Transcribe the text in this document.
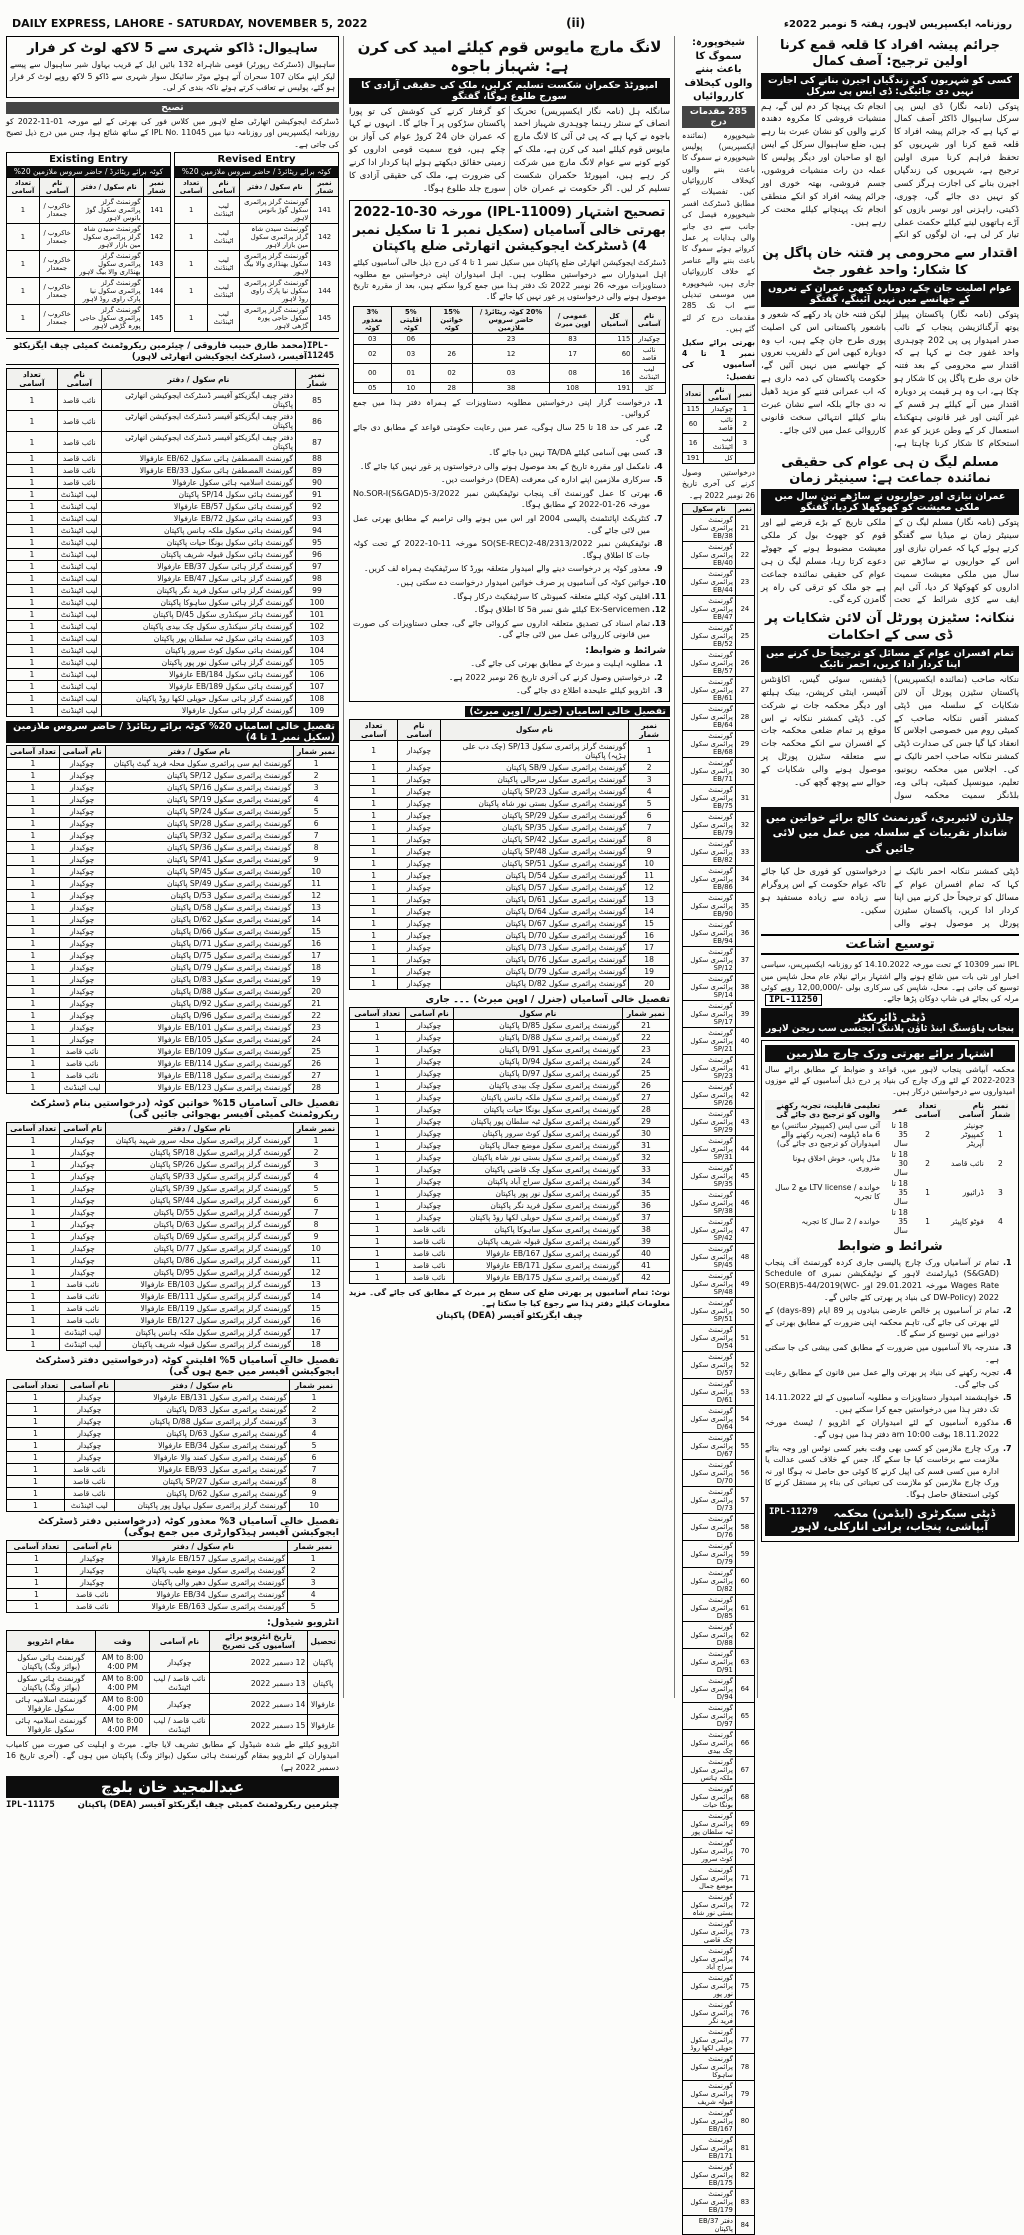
DAILY EXPRESS, LAHORE - SATURDAY, NOVEMBER 5, 2022	(ii)	روزنامہ ایکسپریس لاہور، ہفتہ 5 نومبر 2022ء
ساہیوال: ڈاکو شہری سے 5 لاکھ لوٹ کر فرار
ساہیوال (ڈسٹرکٹ رپورٹر) قومی شاہراہ 132 بائیں ایل کے قریب بہاول شیر ساہیوال سے پیسے لیکر اپنے مکان 107 سحران آتے ہوئے موٹر سائیکل سوار شہری سے ڈاکو 5 لاکھ روپے لوٹ کر فرار ہو گئے، پولیس نے تعاقب کرتے ہوئے ناکہ بندی کر لی۔
تصیح
ڈسٹرکٹ ایجوکیشن اتھارٹی ضلع لاہور میں کلاس فور کی بھرتی کے لیے مورخہ 01-11-2022 کو روزنامہ ایکسپریس اور روزنامہ دنیا میں IPL No. 11045 کے ساتھ شائع ہوا، جس میں درج ذیل تصیح کی جاتی ہے۔
Revised Entry
کوٹہ برائے ریٹائرڈ / حاضر سروس ملازمین 20%
نمبر شمار	نام سکول / دفتر	نام آسامی	تعداد آسامی
141	گورنمنٹ گرلز پرائمری سکول گوڑ بانوس لاہور	لیب اٹینڈنٹ	1
142	گورنمنٹ سیدن شاہ گرلز پرائمری سکول مین بازار لاہور	لیب اٹینڈنٹ	1
143	گورنمنٹ گرلز پرائمری سکول بھنڈاری والا بیگ لاہور	لیب اٹینڈنٹ	1
144	گورنمنٹ گرلز پرائمری سکول نیا پارک راوی روڈ لاہور	لیب اٹینڈنٹ	1
145	گورنمنٹ گرلز پرائمری سکول حاجی پورہ گڑھی لاہور	لیب اٹینڈنٹ	1
Existing Entry
کوٹہ برائے ریٹائرڈ / حاضر سروس ملازمین 20%
نمبر شمار	نام سکول / دفتر	نام آسامی	تعداد آسامی
141	گورنمنٹ گرلز پرائمری سکول گوڑ بانوس لاہور	خاکروب / جمعدار	1
142	گورنمنٹ سیدن شاہ گرلز پرائمری سکول مین بازار لاہور	خاکروب / جمعدار	1
143	گورنمنٹ گرلز پرائمری سکول بھنڈاری والا بیگ لاہور	خاکروب / جمعدار	1
144	گورنمنٹ گرلز پرائمری سکول نیا پارک راوی روڈ لاہور	خاکروب / جمعدار	1
145	گورنمنٹ گرلز پرائمری سکول حاجی پورہ گڑھی لاہور	خاکروب / جمعدار	1
IPL-11245
(محمد طارق حبیب فاروقی / چیئرمین ریکروٹمنٹ کمیٹی چیف ایگزیکٹو آفیسر، ڈسٹرکٹ ایجوکیشن اتھارٹی لاہور)
نمبر شمار	نام سکول / دفتر	نام آسامی	تعداد آسامی
85	دفتر چیف ایگزیکٹو آفیسر ڈسٹرکٹ ایجوکیشن اتھارٹی پاکپتان	نائب قاصد	1
86	دفتر چیف ایگزیکٹو آفیسر ڈسٹرکٹ ایجوکیشن اتھارٹی پاکپتان	نائب قاصد	1
87	دفتر چیف ایگزیکٹو آفیسر ڈسٹرکٹ ایجوکیشن اتھارٹی پاکپتان	نائب قاصد	1
88	گورنمنٹ المصطفیٰ ہائی سکول 62/EB عارفوالا	نائب قاصد	1
89	گورنمنٹ المصطفیٰ ہائی سکول 33/EB عارفوالا	نائب قاصد	1
90	گورنمنٹ اسلامیہ ہائی سکول عارفوالا	نائب قاصد	1
91	گورنمنٹ ہائی سکول 14/SP پاکپتان	لیب اٹینڈنٹ	1
92	گورنمنٹ ہائی سکول 57/EB عارفوالا	لیب اٹینڈنٹ	1
93	گورنمنٹ ہائی سکول 72/EB عارفوالا	لیب اٹینڈنٹ	1
94	گورنمنٹ ہائی سکول ملکہ ہانس پاکپتان	لیب اٹینڈنٹ	1
95	گورنمنٹ ہائی سکول بونگا حیات پاکپتان	لیب اٹینڈنٹ	1
96	گورنمنٹ ہائی سکول قبولہ شریف پاکپتان	لیب اٹینڈنٹ	1
97	گورنمنٹ گرلز ہائی سکول 37/EB عارفوالا	لیب اٹینڈنٹ	1
98	گورنمنٹ گرلز ہائی سکول 47/EB عارفوالا	لیب اٹینڈنٹ	1
99	گورنمنٹ گرلز ہائی سکول فرید نگر پاکپتان	لیب اٹینڈنٹ	1
100	گورنمنٹ گرلز ہائی سکول ساہوکا پاکپتان	لیب اٹینڈنٹ	1
101	گورنمنٹ ہائر سیکنڈری سکول 45/D پاکپتان	لیب اٹینڈنٹ	1
102	گورنمنٹ ہائر سیکنڈری سکول چک بیدی پاکپتان	لیب اٹینڈنٹ	1
103	گورنمنٹ ہائی سکول ٹبہ سلطان پور پاکپتان	لیب اٹینڈنٹ	1
104	گورنمنٹ ہائی سکول کوٹ سرور پاکپتان	لیب اٹینڈنٹ	1
105	گورنمنٹ گرلز ہائی سکول نور پور پاکپتان	لیب اٹینڈنٹ	1
106	گورنمنٹ ہائی سکول 184/EB عارفوالا	لیب اٹینڈنٹ	1
107	گورنمنٹ ہائی سکول 189/EB عارفوالا	لیب اٹینڈنٹ	1
108	گورنمنٹ گرلز ہائی سکول حویلی لکھا روڈ پاکپتان	لیب اٹینڈنٹ	1
109	گورنمنٹ گرلز ہائی سکول عارفوالا	لیب اٹینڈنٹ	1
تفصیل خالی آسامیاں 20% کوٹہ برائے ریٹائرڈ / حاضر سروس ملازمین (سکیل نمبر 1 تا 4)
نمبر شمار	نام سکول / دفتر	نام آسامی	تعداد آسامی
1	گورنمنٹ ایم سی پرائمری سکول محلہ فرید گیٹ پاکپتان	چوکیدار	1
2	گورنمنٹ پرائمری سکول 12/SP پاکپتان	چوکیدار	1
3	گورنمنٹ پرائمری سکول 16/SP پاکپتان	چوکیدار	1
4	گورنمنٹ پرائمری سکول 19/SP پاکپتان	چوکیدار	1
5	گورنمنٹ پرائمری سکول 24/SP پاکپتان	چوکیدار	1
6	گورنمنٹ پرائمری سکول 28/SP پاکپتان	چوکیدار	1
7	گورنمنٹ پرائمری سکول 32/SP پاکپتان	چوکیدار	1
8	گورنمنٹ پرائمری سکول 36/SP پاکپتان	چوکیدار	1
9	گورنمنٹ پرائمری سکول 41/SP پاکپتان	چوکیدار	1
10	گورنمنٹ پرائمری سکول 45/SP پاکپتان	چوکیدار	1
11	گورنمنٹ پرائمری سکول 49/SP پاکپتان	چوکیدار	1
12	گورنمنٹ پرائمری سکول 53/D پاکپتان	چوکیدار	1
13	گورنمنٹ پرائمری سکول 58/D پاکپتان	چوکیدار	1
14	گورنمنٹ پرائمری سکول 62/D پاکپتان	چوکیدار	1
15	گورنمنٹ پرائمری سکول 66/D پاکپتان	چوکیدار	1
16	گورنمنٹ پرائمری سکول 71/D پاکپتان	چوکیدار	1
17	گورنمنٹ پرائمری سکول 75/D پاکپتان	چوکیدار	1
18	گورنمنٹ پرائمری سکول 79/D پاکپتان	چوکیدار	1
19	گورنمنٹ پرائمری سکول 83/D پاکپتان	چوکیدار	1
20	گورنمنٹ پرائمری سکول 88/D پاکپتان	چوکیدار	1
21	گورنمنٹ پرائمری سکول 92/D پاکپتان	چوکیدار	1
22	گورنمنٹ پرائمری سکول 96/D پاکپتان	چوکیدار	1
23	گورنمنٹ پرائمری سکول 101/EB عارفوالا	چوکیدار	1
24	گورنمنٹ پرائمری سکول 105/EB عارفوالا	چوکیدار	1
25	گورنمنٹ پرائمری سکول 109/EB عارفوالا	نائب قاصد	1
26	گورنمنٹ پرائمری سکول 114/EB عارفوالا	نائب قاصد	1
27	گورنمنٹ پرائمری سکول 118/EB عارفوالا	نائب قاصد	1
28	گورنمنٹ پرائمری سکول 123/EB عارفوالا	لیب اٹینڈنٹ	1
تفصیل خالی آسامیاں 15% خواتین کوٹہ (درخواستیں بنام ڈسٹرکٹ ریکروٹمنٹ کمیٹی آفیسر بھجوائی جائیں گی)
نمبر شمار	نام سکول / دفتر	نام آسامی	تعداد آسامی
1	گورنمنٹ گرلز پرائمری سکول محلہ سرور شہید پاکپتان	چوکیدار	1
2	گورنمنٹ گرلز پرائمری سکول 18/SP پاکپتان	چوکیدار	1
3	گورنمنٹ گرلز پرائمری سکول 26/SP پاکپتان	چوکیدار	1
4	گورنمنٹ گرلز پرائمری سکول 33/SP پاکپتان	چوکیدار	1
5	گورنمنٹ گرلز پرائمری سکول 39/SP پاکپتان	چوکیدار	1
6	گورنمنٹ گرلز پرائمری سکول 44/SP پاکپتان	چوکیدار	1
7	گورنمنٹ گرلز پرائمری سکول 55/D پاکپتان	چوکیدار	1
8	گورنمنٹ گرلز پرائمری سکول 63/D پاکپتان	چوکیدار	1
9	گورنمنٹ گرلز پرائمری سکول 69/D پاکپتان	چوکیدار	1
10	گورنمنٹ گرلز پرائمری سکول 77/D پاکپتان	چوکیدار	1
11	گورنمنٹ گرلز پرائمری سکول 86/D پاکپتان	چوکیدار	1
12	گورنمنٹ گرلز پرائمری سکول 95/D پاکپتان	چوکیدار	1
13	گورنمنٹ گرلز پرائمری سکول 103/EB عارفوالا	نائب قاصد	1
14	گورنمنٹ گرلز پرائمری سکول 111/EB عارفوالا	نائب قاصد	1
15	گورنمنٹ گرلز پرائمری سکول 119/EB عارفوالا	نائب قاصد	1
16	گورنمنٹ گرلز پرائمری سکول 127/EB عارفوالا	نائب قاصد	1
17	گورنمنٹ گرلز پرائمری سکول ملکہ ہانس پاکپتان	لیب اٹینڈنٹ	1
18	گورنمنٹ گرلز پرائمری سکول قبولہ شریف پاکپتان	لیب اٹینڈنٹ	1
تفصیل خالی آسامیاں 5% اقلیتی کوٹہ (درخواستیں دفتر ڈسٹرکٹ ایجوکیشن آفیسر میں جمع ہوں گی)
نمبر شمار	نام سکول / دفتر	نام آسامی	تعداد آسامی
1	گورنمنٹ پرائمری سکول 131/EB عارفوالا	چوکیدار	1
2	گورنمنٹ پرائمری سکول 83/D پاکپتان	چوکیدار	1
3	گورنمنٹ گرلز پرائمری سکول 88/D پاکپتان	چوکیدار	1
4	گورنمنٹ پرائمری سکول 63/D پاکپتان	چوکیدار	1
5	گورنمنٹ پرائمری سکول 34/EB عارفوالا	چوکیدار	1
6	گورنمنٹ پرائمری سکول کمند والا عارفوالا	چوکیدار	1
7	گورنمنٹ پرائمری سکول 93/EB عارفوالا	نائب قاصد	1
8	گورنمنٹ پرائمری سکول 27/SP پاکپتان	نائب قاصد	1
9	گورنمنٹ پرائمری سکول 62/D پاکپتان	نائب قاصد	1
10	گورنمنٹ گرلز پرائمری سکول بہاول پور پاکپتان	لیب اٹینڈنٹ	1
تفصیل خالی آسامیاں 3% معذور کوٹہ (درخواستیں دفتر ڈسٹرکٹ ایجوکیشن آفیسر ہیڈکوارٹری میں جمع ہوگی)
نمبر شمار	نام سکول / دفتر	نام آسامی	تعداد آسامی
1	گورنمنٹ پرائمری سکول 157/EB عارفوالا	چوکیدار	1
2	گورنمنٹ پرائمری سکول موضع طیب پاکپتان	چوکیدار	1
3	گورنمنٹ پرائمری سکول دھیر والی پاکپتان	چوکیدار	1
4	گورنمنٹ پرائمری سکول 34/EB عارفوالا	نائب قاصد	1
5	گورنمنٹ پرائمری سکول 163/EB عارفوالا	نائب قاصد	1
انٹرویو شیڈول:
تحصیل	تاریخ انٹرویو برائے آسامیوں کی تصریح	نام آسامی	وقت	مقام انٹرویو
پاکپتان	12 دسمبر 2022	چوکیدار	8:00 AM to 4:00 PM	گورنمنٹ ہائی سکول (بوائز ونگ) پاکپتان
پاکپتان	13 دسمبر 2022	نائب قاصد / لیب اٹینڈنٹ	8:00 AM to 4:00 PM	گورنمنٹ ہائی سکول (بوائز ونگ) پاکپتان
عارفوالا	14 دسمبر 2022	چوکیدار	8:00 AM to 4:00 PM	گورنمنٹ اسلامیہ ہائی سکول عارفوالا
عارفوالا	15 دسمبر 2022	نائب قاصد / لیب اٹینڈنٹ	8:00 AM to 4:00 PM	گورنمنٹ اسلامیہ ہائی سکول عارفوالا
انٹرویو کیلئے طے شدہ شیڈول کے مطابق تشریف لایا جائے۔ میرٹ و اہلیت کی صورت میں کامیاب امیدواران کے انٹرویو بمقام گورنمنٹ ہائی سکول (بوائز ونگ) پاکپتان میں ہوں گے۔ (آخری تاریخ 16 دسمبر 2022 ہے)
عبدالمجید خان بلوچ
IPL-11175	چیئرمین ریکروٹمنٹ کمیٹی چیف ایگزیکٹو آفیسر (DEA) پاکپتان
لانگ مارچ مایوس قوم کیلئے امید کی کرن ہے: شہباز باجوہ
امپورٹڈ حکمران شکست تسلیم کرلیں، ملک کی حقیقی آزادی کا سورج طلوع ہوگا، گفتگو
سانگلہ ہل (نامہ نگار ایکسپریس) تحریک انصاف کے سنٹر رہنما چوہدری شہباز احمد باجوہ نے کہا ہے کہ پی ٹی آئی کا لانگ مارچ مایوس قوم کیلئے امید کی کرن ہے، ملک کے کونے کونے سے عوام لانگ مارچ میں شرکت کر رہے ہیں، امپورٹڈ حکمران شکست تسلیم کر لیں۔ اگر حکومت نے عمران خان کو گرفتار کرنے کی کوشش کی تو پورا پاکستان سڑکوں پر آ جائے گا۔ انہوں نے کہا کہ عمران خان 24 کروڑ عوام کی آواز بن چکے ہیں، فوج سمیت قومی اداروں کو زمینی حقائق دیکھتے ہوئے اپنا کردار ادا کرنے کی ضرورت ہے، ملک کی حقیقی آزادی کا سورج جلد طلوع ہوگا۔
تصحیح اشتہار (IPL-11009) مورخہ 30-10-2022
بھرتی خالی آسامیاں (سکیل نمبر 1 تا سکیل نمبر 4) ڈسٹرکٹ ایجوکیشن اتھارٹی ضلع پاکپتان
ڈسٹرکٹ ایجوکیشن اتھارٹی ضلع پاکپتان میں سکیل نمبر 1 تا 4 کی درج ذیل خالی آسامیوں کیلئے اہل امیدواران سے درخواستیں مطلوب ہیں۔ اہل امیدواران اپنی درخواستیں مع مطلوبہ دستاویزات مورخہ 26 نومبر 2022 تک دفتر ہذا میں جمع کروا سکتے ہیں، بعد از مقررہ تاریخ موصول ہونے والی درخواستوں پر غور نہیں کیا جائے گا۔
نام آسامی	کل آسامیاں	عمومی / اوپن میرٹ	20% کوٹہ ریٹائرڈ / حاضر سروس ملازمین	15% خواتین کوٹہ	5% اقلیتی کوٹہ	3% معذور کوٹہ
چوکیدار	115	83	23		06	03
نائب قاصد	60	17	12	26	03	02
لیب اٹینڈنٹ	16	08	03	02	01	00
کل	191	108	38	28	10	05
1.
درخواست گزار اپنی درخواستیں مطلوبہ دستاویزات کے ہمراہ دفتر ہذا میں جمع کروائیں۔
2.
عمر کی حد 18 تا 25 سال ہوگی، عمر میں رعایت حکومتی قواعد کے مطابق دی جائے گی۔
3.
کسی بھی آسامی کیلئے TA/DA نہیں دیا جائے گا۔
4.
نامکمل اور مقررہ تاریخ کے بعد موصول ہونے والی درخواستوں پر غور نہیں کیا جائے گا۔
5.
سرکاری ملازمین اپنے ادارہ کی معرفت (DEA) درخواست دیں۔
6.
بھرتی کا عمل گورنمنٹ آف پنجاب نوٹیفکیشن نمبر No.SOR-I(S&GAD)5-3/2022 مورخہ 26-01-2022 کے مطابق ہوگا۔
7.
کنٹریکٹ اپائنٹمنٹ پالیسی 2004 اور اس میں ہونے والی ترامیم کے مطابق بھرتی عمل میں لائی جائے گی۔
8.
نوٹیفکیشن نمبر SO(SE-REC)2-48/2313/2022 مورخہ 11-10-2022 کے تحت کوٹہ جات کا اطلاق ہوگا۔
9.
معذور کوٹہ پر درخواست دینے والے امیدوار متعلقہ بورڈ کا سرٹیفکیٹ ہمراہ لف کریں۔
10.
خواتین کوٹہ کی آسامیوں پر صرف خواتین امیدوار درخواست دے سکتی ہیں۔
11.
اقلیتی کوٹہ کیلئے متعلقہ کمیونٹی کا سرٹیفکیٹ درکار ہوگا۔
12.
Ex-Servicemen کیلئے شق نمبر 5a کا اطلاق ہوگا۔
13.
تمام اسناد کی تصدیق متعلقہ اداروں سے کروائی جائے گی، جعلی دستاویزات کی صورت میں قانونی کارروائی عمل میں لائی جائے گی۔
شرائط و ضوابط:
1.
مطلوبہ اہلیت و میرٹ کے مطابق بھرتی کی جائے گی۔
2.
درخواستیں وصول کرنے کی آخری تاریخ 26 نومبر 2022 ہے۔
3.
انٹرویو کیلئے علیحدہ اطلاع دی جائے گی۔
تفصیل خالی آسامیاں (جنرل / اوپن میرٹ)
نمبر شمار	نام سکول	نام آسامی	تعداد آسامی
1	گورنمنٹ گرلز پرائمری سکول 13/SP (چک دب علی ہڑپہ) پاکپتان	چوکیدار	1
2	گورنمنٹ پرائمری سکول 9/SB پاکپتان	چوکیدار	1
3	گورنمنٹ پرائمری سکول سرحالی پاکپتان	چوکیدار	1
4	گورنمنٹ پرائمری سکول 23/SP پاکپتان	چوکیدار	1
5	گورنمنٹ پرائمری سکول بستی نور شاہ پاکپتان	چوکیدار	1
6	گورنمنٹ پرائمری سکول 29/SP پاکپتان	چوکیدار	1
7	گورنمنٹ پرائمری سکول 35/SP پاکپتان	چوکیدار	1
8	گورنمنٹ پرائمری سکول 42/SP پاکپتان	چوکیدار	1
9	گورنمنٹ پرائمری سکول 48/SP پاکپتان	چوکیدار	1
10	گورنمنٹ پرائمری سکول 51/SP پاکپتان	چوکیدار	1
11	گورنمنٹ پرائمری سکول 54/D پاکپتان	چوکیدار	1
12	گورنمنٹ پرائمری سکول 57/D پاکپتان	چوکیدار	1
13	گورنمنٹ پرائمری سکول 61/D پاکپتان	چوکیدار	1
14	گورنمنٹ پرائمری سکول 64/D پاکپتان	چوکیدار	1
15	گورنمنٹ پرائمری سکول 67/D پاکپتان	چوکیدار	1
16	گورنمنٹ پرائمری سکول 70/D پاکپتان	چوکیدار	1
17	گورنمنٹ پرائمری سکول 73/D پاکپتان	چوکیدار	1
18	گورنمنٹ پرائمری سکول 76/D پاکپتان	چوکیدار	1
19	گورنمنٹ پرائمری سکول 79/D پاکپتان	چوکیدار	1
20	گورنمنٹ پرائمری سکول 82/D پاکپتان	چوکیدار	1
تفصیل خالی آسامیاں (جنرل / اوپن میرٹ) ۔۔۔ جاری
نمبر شمار	نام سکول	نام آسامی	تعداد آسامی
21	گورنمنٹ پرائمری سکول 85/D پاکپتان	چوکیدار	1
22	گورنمنٹ پرائمری سکول 88/D پاکپتان	چوکیدار	1
23	گورنمنٹ پرائمری سکول 91/D پاکپتان	چوکیدار	1
24	گورنمنٹ پرائمری سکول 94/D پاکپتان	چوکیدار	1
25	گورنمنٹ پرائمری سکول 97/D پاکپتان	چوکیدار	1
26	گورنمنٹ پرائمری سکول چک بیدی پاکپتان	چوکیدار	1
27	گورنمنٹ پرائمری سکول ملکہ ہانس پاکپتان	چوکیدار	1
28	گورنمنٹ پرائمری سکول بونگا حیات پاکپتان	چوکیدار	1
29	گورنمنٹ پرائمری سکول ٹبہ سلطان پور پاکپتان	چوکیدار	1
30	گورنمنٹ پرائمری سکول کوٹ سرور پاکپتان	چوکیدار	1
31	گورنمنٹ پرائمری سکول موضع جمال پاکپتان	چوکیدار	1
32	گورنمنٹ پرائمری سکول بستی نور شاہ پاکپتان	چوکیدار	1
33	گورنمنٹ پرائمری سکول چک قاضی پاکپتان	چوکیدار	1
34	گورنمنٹ پرائمری سکول سراج آباد پاکپتان	چوکیدار	1
35	گورنمنٹ پرائمری سکول نور پور پاکپتان	چوکیدار	1
36	گورنمنٹ پرائمری سکول فرید نگر پاکپتان	چوکیدار	1
37	گورنمنٹ پرائمری سکول حویلی لکھا روڈ پاکپتان	چوکیدار	1
38	گورنمنٹ پرائمری سکول ساہوکا پاکپتان	نائب قاصد	1
39	گورنمنٹ پرائمری سکول قبولہ شریف پاکپتان	نائب قاصد	1
40	گورنمنٹ پرائمری سکول 167/EB عارفوالا	نائب قاصد	1
41	گورنمنٹ پرائمری سکول 171/EB عارفوالا	نائب قاصد	1
42	گورنمنٹ پرائمری سکول 175/EB عارفوالا	نائب قاصد	1
نوٹ: تمام آسامیوں پر بھرتی ضلع کی سطح پر میرٹ کے مطابق کی جائے گی۔ مزید معلومات کیلئے دفتر ہذا سے رجوع کیا جا سکتا ہے۔
چیف ایگزیکٹو آفیسر (DEA) پاکپتان
شیخوپورہ: سموگ کا باعث بننے
والوں کیخلاف کارروائیاں
285 مقدمات درج
شیخوپورہ (نمائندہ ایکسپریس) پولیس شیخوپورہ نے سموگ کا باعث بننے والوں کیخلاف کارروائیاں کیں۔ تفصیلات کے مطابق ڈسٹرکٹ افسر شیخوپورہ فیصل کی جانب سے دی جانے والی ہدایات پر عمل کرواتے ہوئے سموگ کا باعث بننے والے عناصر کے خلاف کارروائیاں جاری ہیں، شیخوپورہ میں موسمی تبدیلی سے اب تک 285 مقدمات درج کر لئے گئے ہیں۔
بھرتی برائے سکیل نمبر 1 تا 4 آسامیوں کی تفصیل:
نمبر	نام آسامی	تعداد
1	چوکیدار	115
2	نائب قاصد	60
3	لیب اٹینڈنٹ	16
	کل	191
درخواستیں وصول کرنے کی آخری تاریخ 26 نومبر 2022 ہے۔
نمبر	نام سکول
21	گورنمنٹ پرائمری سکول 38/EB
22	گورنمنٹ پرائمری سکول 40/EB
23	گورنمنٹ پرائمری سکول 44/EB
24	گورنمنٹ پرائمری سکول 47/EB
25	گورنمنٹ پرائمری سکول 52/EB
26	گورنمنٹ پرائمری سکول 57/EB
27	گورنمنٹ پرائمری سکول 61/EB
28	گورنمنٹ پرائمری سکول 64/EB
29	گورنمنٹ پرائمری سکول 68/EB
30	گورنمنٹ پرائمری سکول 71/EB
31	گورنمنٹ پرائمری سکول 75/EB
32	گورنمنٹ پرائمری سکول 79/EB
33	گورنمنٹ پرائمری سکول 82/EB
34	گورنمنٹ پرائمری سکول 86/EB
35	گورنمنٹ پرائمری سکول 90/EB
36	گورنمنٹ پرائمری سکول 94/EB
37	گورنمنٹ پرائمری سکول 12/SP
38	گورنمنٹ پرائمری سکول 14/SP
39	گورنمنٹ پرائمری سکول 17/SP
40	گورنمنٹ پرائمری سکول 21/SP
41	گورنمنٹ پرائمری سکول 23/SP
42	گورنمنٹ پرائمری سکول 26/SP
43	گورنمنٹ پرائمری سکول 29/SP
44	گورنمنٹ پرائمری سکول 31/SP
45	گورنمنٹ پرائمری سکول 35/SP
46	گورنمنٹ پرائمری سکول 38/SP
47	گورنمنٹ پرائمری سکول 42/SP
48	گورنمنٹ پرائمری سکول 45/SP
49	گورنمنٹ پرائمری سکول 48/SP
50	گورنمنٹ پرائمری سکول 51/SP
51	گورنمنٹ پرائمری سکول 54/D
52	گورنمنٹ پرائمری سکول 57/D
53	گورنمنٹ پرائمری سکول 61/D
54	گورنمنٹ پرائمری سکول 64/D
55	گورنمنٹ پرائمری سکول 67/D
56	گورنمنٹ پرائمری سکول 70/D
57	گورنمنٹ پرائمری سکول 73/D
58	گورنمنٹ پرائمری سکول 76/D
59	گورنمنٹ پرائمری سکول 79/D
60	گورنمنٹ پرائمری سکول 82/D
61	گورنمنٹ پرائمری سکول 85/D
62	گورنمنٹ پرائمری سکول 88/D
63	گورنمنٹ پرائمری سکول 91/D
64	گورنمنٹ پرائمری سکول 94/D
65	گورنمنٹ پرائمری سکول 97/D
66	گورنمنٹ پرائمری سکول چک بیدی
67	گورنمنٹ پرائمری سکول ملکہ ہانس
68	گورنمنٹ پرائمری سکول بونگا حیات
69	گورنمنٹ پرائمری سکول ٹبہ سلطان پور
70	گورنمنٹ پرائمری سکول کوٹ سرور
71	گورنمنٹ پرائمری سکول موضع جمال
72	گورنمنٹ پرائمری سکول بستی نور شاہ
73	گورنمنٹ پرائمری سکول چک قاضی
74	گورنمنٹ پرائمری سکول سراج آباد
75	گورنمنٹ پرائمری سکول نور پور
76	گورنمنٹ پرائمری سکول فرید نگر
77	گورنمنٹ پرائمری سکول حویلی لکھا روڈ
78	گورنمنٹ پرائمری سکول ساہوکا
79	گورنمنٹ پرائمری سکول قبولہ شریف
80	گورنمنٹ پرائمری سکول 167/EB
81	گورنمنٹ پرائمری سکول 171/EB
82	گورنمنٹ پرائمری سکول 175/EB
83	گورنمنٹ پرائمری سکول 179/EB
84	دفتر 37/EB پاکپتان
جرائم پیشہ افراد کا قلعہ قمع کرنا اولین ترجیح: آصف کمال
کسی کو شہریوں کی زندگیاں اجیرن بنانے کی اجازت نہیں دی جائیگی: ڈی ایس پی سرکل
پتوکی (نامہ نگار) ڈی ایس پی سرکل ساہیوال ڈاکٹر آصف کمال نے کہا ہے کہ جرائم پیشہ افراد کا قلعہ قمع کرنا اور شہریوں کو تحفظ فراہم کرنا میری اولین ترجیح ہے، شہریوں کی زندگیاں اجیرن بنانے کی اجازت ہرگز کسی کو نہیں دی جائے گی، چوری، ڈکیتی، راہزنی اور نوسر بازوں کو آڑے ہاتھوں لینے کیلئے حکمت عملی تیار کر لی ہے، ان لوگوں کو انکے انجام تک پہنچا کر دم لیں گے، ہم منشیات فروشی کا مکروہ دھندہ کرنے والوں کو نشان عبرت بنا رہے ہیں، ضلع ساہیوال سرکل کے ایس ایچ او صاحبان اور دیگر پولیس کا عملہ دن رات منشیات فروشوں، جسم فروشی، بھتہ خوری اور جرائم پیشہ افراد کو انکے منطقی انجام تک پہنچانے کیلئے محنت کر رہے ہیں۔
اقتدار سے محرومی پر فتنہ خان پاگل پن کا شکار: واحد غفور جٹ
عوام اصلیت جان چکے، دوبارہ کبھی عمران کے نعروں کے جھانسے میں نہیں آئینگے، گفتگو
پتوکی (نامہ نگار) پاکستان پیپلز یوتھ آرگنائزیشن پنجاب کے نائب صدر امیدوار پی پی 202 چوہدری واحد غفور جٹ نے کہا ہے کہ اقتدار سے محرومی کے بعد فتنہ خان بری طرح پاگل پن کا شکار ہو چکا ہے، اب وہ ہر قیمت پر دوبارہ اقتدار میں آنے کیلئے ہر قسم کے غیر آئینی اور غیر قانونی ہتھکنڈے استعمال کر کے وطن عزیز کو عدم استحکام کا شکار کرنا چاہتا ہے، لیکن فتنہ خان یاد رکھے کہ شعور و باشعور پاکستانی اس کی اصلیت پوری طرح جان چکے ہیں، اب وہ دوبارہ کبھی اس کے دلفریب نعروں کے جھانسے میں نہیں آئیں گے، حکومت پاکستان کی ذمہ داری ہے کہ اب عمرانی فتنے کو مزید ڈھیل نہ دی جائے بلکہ اسے نشان عبرت بنانے کیلئے انتہائی سخت قانونی کارروائی عمل میں لائی جائے۔
مسلم لیگ ن ہی عوام کی حقیقی نمائندہ جماعت ہے: سینیٹر زمان
عمران نیازی اور حواریوں نے ساڑھے تین سال میں ملکی معیشت کو کھوکھلا کردیا، گفتگو
پتوکی (نامہ نگار) مسلم لیگ ن کے سینیٹر زمان نے میڈیا سے گفتگو کرتے ہوئے کہا کہ عمران نیازی اور اس کے حواریوں نے ساڑھے تین سال میں ملکی معیشت سمیت اداروں کو کھوکھلا کر دیا، آئی ایم ایف سے کڑی شرائط کے تحت ملکی تاریخ کے بڑے قرضے لیے اور قوم کو جھوٹ بول کر ملکی معیشت مضبوط ہونے کے جھوٹے دعوے کرتا رہا، مسلم لیگ ن ہی عوام کی حقیقی نمائندہ جماعت ہے جو ملک کو ترقی کی راہ پر گامزن کرے گی۔
ننکانہ: سٹیزن پورٹل آن لائن شکایات پر ڈی سی کے احکامات
تمام افسران عوام کے مسائل کو ترجیحاً حل کرنے میں اپنا کردار ادا کریں، احمر نائیک
ننکانہ صاحب (نمائندہ ایکسپریس) پاکستان سٹیزن پورٹل آن لائن شکایات کے سلسلہ میں ڈپٹی کمشنر آفس ننکانہ صاحب کے کمیٹی روم میں خصوصی اجلاس کا انعقاد کیا گیا جس کی صدارت ڈپٹی کمشنر ننکانہ صاحب احمر نائیک نے کی۔ اجلاس میں محکمہ ریونیو، تعلیم، میونسپل کمیٹی، ہائی وے، بلڈنگز سمیت محکمہ سول ڈیفنس، سوئی گیس، اکاؤنٹس آفیسر، اینٹی کرپشن، بینک ہیلتھ اور دیگر محکمہ جات نے شرکت کی۔ ڈپٹی کمشنر ننکانہ نے اس موقع پر تمام ضلعی محکمہ جات کے افسران سے انکے محکمہ جات سے متعلقہ سٹیزن پورٹل پر موصول ہونے والی شکایات کے حوالے سے پوچھ گچھ کی۔
چلڈرن لائبریری، گورنمنٹ کالج برائے خواتین میں شاندار تقریبات کے سلسلہ میں عمل میں لائی جائیں گی
ڈپٹی کمشنر ننکانہ احمر نائیک نے کہا کہ تمام افسران عوام کے مسائل کو ترجیحاً حل کرنے میں اپنا کردار ادا کریں، پاکستان سٹیزن پورٹل پر موصول ہونے والی درخواستوں کو فوری حل کیا جائے تاکہ عوام حکومت کے اس پروگرام سے زیادہ سے زیادہ مستفید ہو سکیں۔
توسیع اشاعت
IPL نمبر 10309 کے تحت مورخہ 14.10.2022 کو روزنامہ ایکسپریس، سیاسی اخبار اور نئی بات میں شائع ہونے والے اشتہار برائے نیلام عام محل شاپس میں توسیع کی جاتی ہے۔ محل، شاپس کی سرکاری بولی -/12,00,000 روپے کوئی مرلہ کی بجائے فی شاپ دوکان پڑھا جائے۔
IPL-11250
ڈپٹی ڈائریکٹر
پنجاب ہاؤسنگ اینڈ ٹاؤن پلاننگ ایجنسی سب ریجن لاہور
اشتہار برائے بھرتی ورک چارج ملازمین
محکمہ آبپاشی پنجاب لاہور میں، قواعد و ضوابط کے مطابق برائے سال 2023-2022 کے لئے ورک چارج کی بنیاد پر درج ذیل آسامیوں کے لئے موزوں امیدواروں سے درخواستیں درکار ہیں۔
نمبر شمار	نام آسامی	تعداد آسامی	عمر	تعلیمی قابلیت، تجربہ رکھنے والوں کو ترجیح دی جائے گی
1	جونیئر کمپیوٹر آپریٹر	2	18 تا 35 سال	آئی سی ایس (کمپیوٹر سائنس) مع 6 ماہ ڈپلومہ (تجربہ رکھنے والے امیدواران کو ترجیح دی جائے گی)
2	نائب قاصد	2	18 تا 30 سال	مڈل پاس، خوش اخلاق ہونا ضروری
3	ڈرائیور	1	18 تا 35 سال	خواندہ / LTV license مع 2 سال کا تجربہ
4	فوٹو کاپیئر	1	18 تا 35 سال	خواندہ / 2 سال کا تجربہ
شرائط و ضوابط
1.
تمام تر آسامیاں ورک چارج پالیسی جاری کردہ گورنمنٹ آف پنجاب (S&GAD) ڈیپارٹمنٹ لاہور کے نوٹیفکیشن نمبری Schedule of Wages Rate مورخہ 29.01.2021 اور SO(ERB)5-44/2019(WC-DW-Policy) 2022 کی بنیاد پر بھرتی کئے جائیں گے۔
2.
تمام تر آسامیوں پر خالص عارضی بنیادوں پر 89 ایام (89-days) کے لئے بھرتی کی جائے گی، تاہم محکمہ اپنی ضرورت کے مطابق بھرتی کے دورانیے میں توسیع کر سکے گا۔
3.
مندرجہ بالا آسامیوں میں ضرورت کے مطابق کمی بیشی کی جا سکتی ہے۔
4.
تجربہ رکھنے کی بنیاد پر بھرتی والے عمل میں قانون کے مطابق رعایت کی جائے گی۔
5.
خواہشمند امیدوار دستاویزات و مطلوبہ آسامیوں کے لئے 14.11.2022 تک دفتر ہذا میں درخواستیں جمع کرا سکتے ہیں۔
6.
مذکورہ آسامیوں کے لئے امیدواران کے انٹرویو / ٹیسٹ مورخہ 18.11.2022 بوقت 10:00 am دفتر ہذا میں ہوں گے۔
7.
ورک چارج ملازمین کو کسی بھی وقت بغیر کسی نوٹس اور وجہ بتائے ملازمت سے برخاست کیا جا سکے گا، جس کے خلاف کسی عدالت یا ادارہ میں کسی قسم کی اپیل کرنے کا کوئی حق حاصل نہ ہوگا اور نہ ورک چارج ملازمین کو ملازمت کی تعیناتی کی بناء پر مستقل کرنے کا کوئی استحقاق حاصل ہوگا۔
IPL-11279 ڈپٹی سیکرٹری (ایڈمن) محکمہ آبپاشی، پنجاب، پرانی انارکلی، لاہور
